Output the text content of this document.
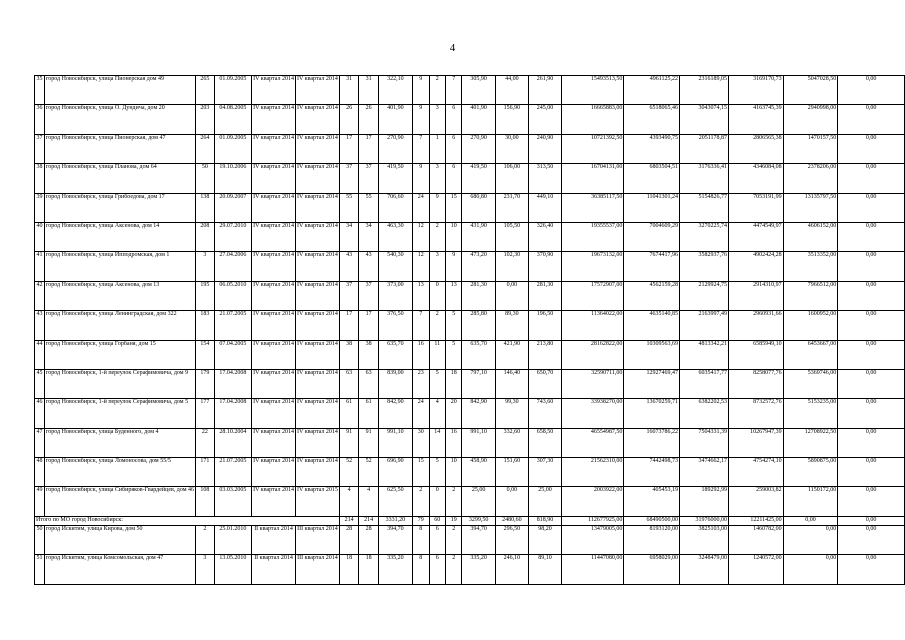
4
35	город Новосибирск, улица Пионерская дом 49	265	01.09.2005	IV квартал 2014	IV квартал 2014	31	31	322,10	9	2	7	305,90	44,00	261,90	15493513,50	4961125,22	2316189,05	3169170,73	5047028,50	0,00
36	город Новосибирск, улица О. Дундича, дом 20	203	04.08.2005	IV квартал 2014	IV квартал 2014	26	26	401,90	9	3	6	401,90	156,90	245,00	16665883,00	6518065,46	3043074,15	4163745,39	2940998,00	0,00
37	город Новосибирск, улица Пионерская, дом 47	264	01.09.2005	IV квартал 2014	IV квартал 2014	17	17	270,90	7	1	6	270,90	30,00	240,90	10721392,50	4393490,75	2051178,87	2806565,38	1470157,50	0,00
38	город Новосибирск, улица Планова, дом 64	50	19.10.2006	IV квартал 2014	IV квартал 2014	37	37	419,50	9	3	6	419,50	106,00	313,50	16704131,00	6803504,51	3176336,41	4346084,08	2378206,00	0,00
39	город Новосибирск, улица Грибоедова, дом 17	138	20.09.2007	IV квартал 2014	IV квартал 2014	55	55	706,60	24	9	15	680,80	231,70	449,10	36385117,50	11041301,24	5154826,77	7053191,99	13135797,50	0,00
40	город Новосибирск, улица Аксенова, дом 14	208	29.07.2010	IV квартал 2014	IV квартал 2014	34	34	463,30	12	2	10	431,90	105,50	326,40	19355537,00	7004609,29	3270225,74	4474549,97	4606152,00	0,00
41	город Новосибирск, улица Ипподромская, дом 1	3	27.04.2006	IV квартал 2014	IV квартал 2014	43	43	540,30	12	3	9	473,20	102,30	370,90	19673132,00	7674417,96	3582937,76	4902424,28	3513352,00	0,00
42	город Новосибирск, улица Аксенова, дом 13	195	06.05.2010	IV квартал 2014	IV квартал 2014	37	37	373,00	13	0	13	281,30	0,00	281,30	17572907,00	4562159,28	2129924,75	2914310,97	7966512,00	0,00
43	город Новосибирск, улица Ленинградская, дом 322	183	21.07.2005	IV квартал 2014	IV квартал 2014	17	17	376,50	7	2	5	285,80	89,30	196,50	11364022,00	4635140,85	2163997,49	2960931,66	1600952,00	0,00
44	город Новосибирск, улица Горбаня, дом 15	154	07.04.2005	IV квартал 2014	IV квартал 2014	38	38	635,70	16	11	5	635,70	421,90	213,80	28162822,00	10309563,69	4813342,21	6585949,10	6453667,00	0,00
45	город Новосибирск, 1-й переулок Серафимовича, дом 9	179	17.04.2008	IV квартал 2014	IV квартал 2014	63	63	839,00	23	5	18	797,10	146,40	650,70	32590711,00	12927469,47	6035417,77	8258077,76	5369746,00	0,00
46	город Новосибирск, 1-й переулок Серафимовича, дом 5	177	17.04.2008	IV квартал 2014	IV квартал 2014	61	61	842,90	24	4	20	842,90	99,30	743,60	33938270,00	13670259,71	6382202,53	8732572,76	5153235,00	0,00
47	город Новосибирск, улица Буденного, дом 4	22	28.10.2004	IV квартал 2014	IV квартал 2014	91	91	991,10	30	14	16	991,10	332,60	658,50	46554987,50	16073786,22	7504331,39	10267947,39	12708922,50	0,00
48	город Новосибирск, улица Ломоносова, дом 55/5	171	21.07.2005	IV квартал 2014	IV квартал 2014	52	52	696,90	15	5	10	458,90	151,60	307,30	21562310,00	7442498,73	3474662,17	4754274,10	5890875,00	0,00
49	город Новосибирск, улица Сибиряков-Гвардейцев, дом 46	108	03.03.2005	IV квартал 2014	IV квартал 2015	4	4	625,50	2	0	2	25,00	0,00	25,00	2003922,00	405453,19	189292,99	259003,82	1150172,00	0,00
Итого по МО город Новосибирск:						214	214	3331,20	79	60	19	3299,50	2480,60	818,90	112677925,00	68490500,00	31976000,00	12211425,00	0,00	0,00
50	город Искитим, улица Кирова, дом 50	2	25.01.2010	II квартал 2014	III квартал 2014	28	28	394,70	8	6	2	394,70	296,50	98,20	13479005,00	8193120,00	3825103,00	1460782,00	0,00	0,00
51	город Искитим, улица Комсомольская, дом 47	3	13.05.2010	II квартал 2014	III квартал 2014	18	18	335,20	8	6	2	335,20	246,10	89,10	11447080,00	6958029,00	3248479,00	1240572,00	0,00	0,00
